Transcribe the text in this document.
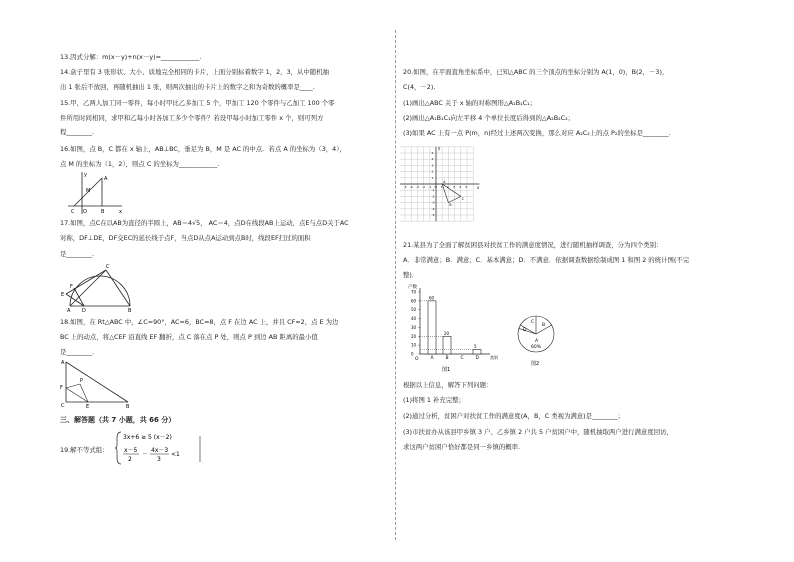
13.因式分解：m(x－y)+n(x－y)=____________.
14.盒子里有 3 张形状、大小、质地完全相同的卡片，上面分别标着数字 1，2，3，从中随机抽
出 1 张后不放回，再随机抽出 1 张，则两次抽出的卡片上的数字之和为奇数的概率是____.
15.甲，乙两人加工同一零件，每小时甲比乙多加工 5 个，甲加工 120 个零件与乙加工 100 个零
件所用时间相同，求甲和乙每小时各加工多少个零件？若设甲每小时加工零件 x 个，则可列方
程________.
16.如图，点 B，C 都在 x 轴上，AB⊥BC，垂足为 B，M 是 AC 的中点．若点 A 的坐标为（3，4），
点 M 的坐标为（1，2），则点 C 的坐标为____________.
y
A
M
C O	B	x
17.如图，点C在以AB为直径的半圆上，AB＝4√5， AC＝4，点D在线段AB上运动，点E与点D关于AC
对称，DF⊥DE，DF交EC的延长线于点F，当点D从点A运动到点B时，线段EF扫过的面积
是________.
C
E
F
A D	B
18.如图，在 Rt△ABC 中，∠C=90°，AC=6，BC=8，点 F 在边 AC 上，并且 CF=2，点 E 为边
BC 上的动点，将△CEF 沿直线 EF 翻折，点 C 落在点 P 处，则点 P 到边 AB 距离的最小值
是________.
A
F
P
C	E	B
三、解答题（共 7 小题，共 66 分）
19.解不等式组：
3x+6 ≥ 5 (x－2)
x－5
2
－
4x－3
3
<1
20.如图，在平面直角坐标系中，已知△ABC 的三个顶点的坐标分别为 A(1，0)，B(2，－3)，
C(4，－2).
(1)画出△ABC 关于 x 轴的对称图形△A₁B₁C₁；
(2)画出△A₁B₁C₁向左平移 4 个单位长度后得到的△A₂B₂C₂；
(3)如果 AC 上有一点 P(m，n)经过上述两次变换，那么对应 A₂C₂上的点 P₂的坐标是________.
x
y
-5 -4 -3 -2 -1 O 1 2 3 4 5
5
4
3
2
1
-1
-2
-3
-4
-5
A
B
C
21.某县为了全面了解贫困县对扶贫工作的满意度情况，进行随机抽样调查，分为四个类别：
A．非常满意；B．满意；C．基本满意；D．不满意．依据调查数据绘制成图 1 和图 2 的统计图(不完
整)．
户数
0
10
20
30
40
50
60
70
60
A
20
B	C
5
D	类别
O
图1
B
C
D
A
60%
图2
根据以上信息，解答下列问题：
(1)将图 1 补充完整；
(2)通过分析，贫困户对扶贫工作的满意度(A，B，C 类视为满意)是________；
(3)市扶贫办从该县甲乡镇 3 户、乙乡镇 2 户共 5 户贫困户中，随机抽取两户进行满意度回访，
求这两户贫困户恰好都是同一乡镇的概率.
